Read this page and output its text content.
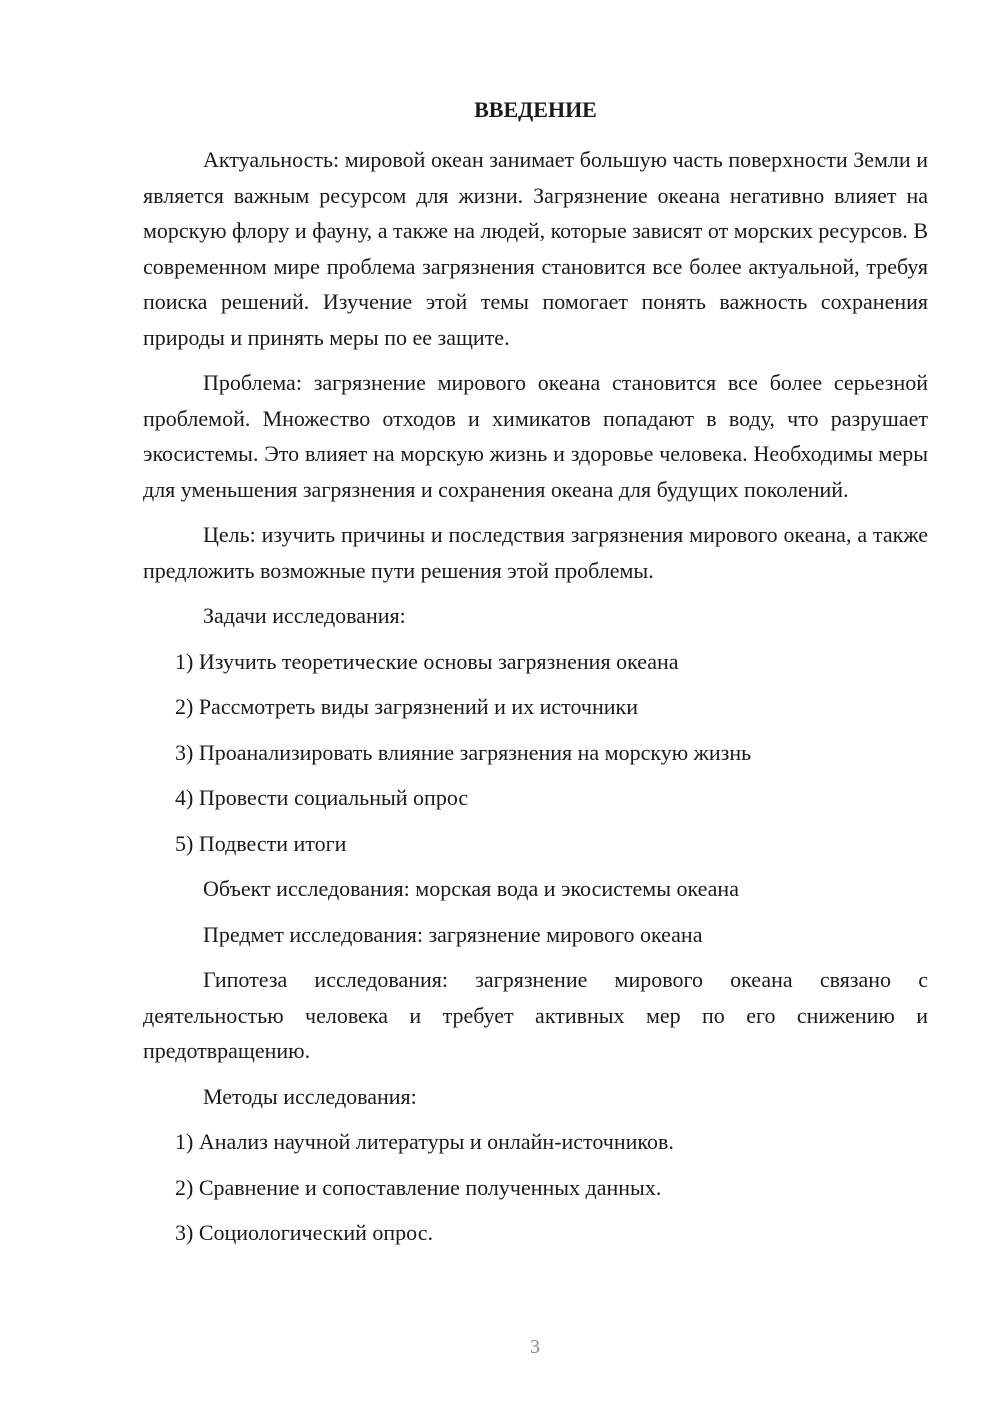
ВВЕДЕНИЕ

Актуальность: мировой океан занимает большую часть поверхности Земли и является важным ресурсом для жизни. Загрязнение океана негативно влияет на морскую флору и фауну, а также на людей, которые зависят от морских ресурсов. В современном мире проблема загрязнения становится все более актуальной, требуя поиска решений. Изучение этой темы помогает понять важность сохранения природы и принять меры по ее защите.

Проблема: загрязнение мирового океана становится все более серьезной проблемой. Множество отходов и химикатов попадают в воду, что разрушает экосистемы. Это влияет на морскую жизнь и здоровье человека. Необходимы меры для уменьшения загрязнения и сохранения океана для будущих поколений.

Цель: изучить причины и последствия загрязнения мирового океана, а также предложить возможные пути решения этой проблемы.

Задачи исследования:
1) Изучить теоретические основы загрязнения океана
2) Рассмотреть виды загрязнений и их источники
3) Проанализировать влияние загрязнения на морскую жизнь
4) Провести социальный опрос
5) Подвести итоги
Объект исследования: морская вода и экосистемы океана
Предмет исследования: загрязнение мирового океана

Гипотеза исследования: загрязнение мирового океана связано с деятельностью человека и требует активных мер по его снижению и предотвращению.

Методы исследования:
1) Анализ научной литературы и онлайн-источников.
2) Сравнение и сопоставление полученных данных.
3) Социологический опрос.
3
